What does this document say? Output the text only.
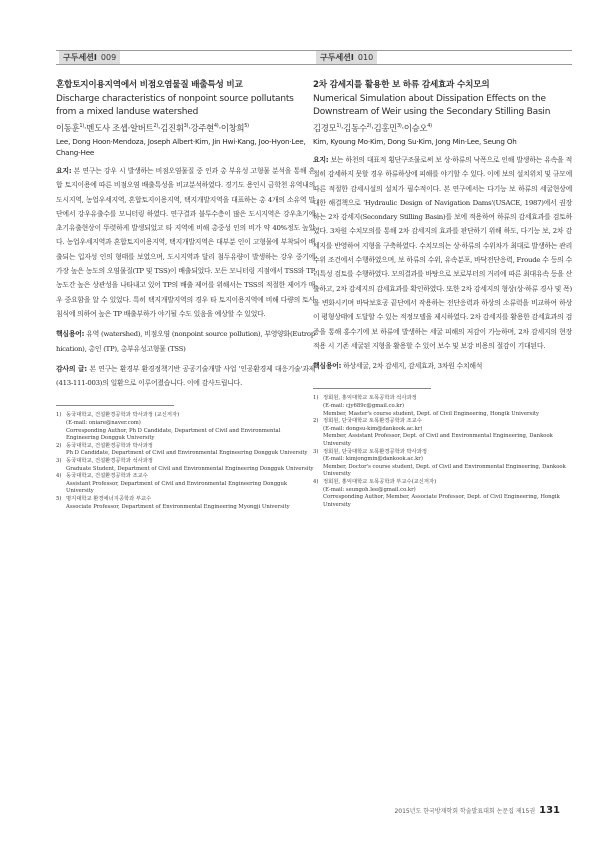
구두세션Ⅰ 009
혼합토지이용지역에서 비점오염물질 배출특성 비교
Discharge characteristics of nonpoint source pollutants from a mixed landuse watershed
이동훈$^{1)}$·멘도사 조셉·알버트$^{2)}$·김진휘$^{3)}$·강주현$^{4)}$·이창희$^{5)}$
Lee, Dong Hoon·Mendoza, Joseph Albert·Kim, Jin Hwi·Kang, Joo-Hyon·Lee, Chang-Hee
요지: 본 연구는 강우 시 발생하는 비점오염물질 중 인과 총 부유성 고형물 분석을 통해 혼합 토지이용에 따른 비점오염 배출특성을 비교분석하였다. 경기도 용인시 금학천 유역내의 도시지역, 농업우세지역, 혼합토지이용지역, 택지개발지역을 대표하는 총 4개의 소유역 말단에서 강우유출수를 모니터링 하였다. 연구결과 불투수층이 많은 도시지역은 강우초기에 초기유출현상이 뚜렷하게 발생되었고 타 지역에 비해 총중성 인의 비가 약 40%정도 높았다. 농업우세지역과 혼합토지이용지역, 택지개발지역은 대부분 인이 고형물에 부착되어 배출되는 입자성 인의 형태를 보였으며, 도시지역과 달리 첨두유량이 발생하는 강우 중기에 가장 높은 농도의 오염물질(TP 및 TSS)이 배출되었다. 모든 모니터링 지점에서 TSS와 TP 농도간 높은 상관성을 나타내고 있어 TP의 배출 제어를 위해서는 TSS의 적절한 제어가 매우 중요함을 알 수 있었다. 특히 택지개발지역의 경우 타 토지이용지역에 비해 다량의 토사침식에 의하여 높은 TP 배출부하가 야기될 수도 있음을 예상할 수 있었다.
핵심용어: 유역 (watershed), 비점오염 (nonpoint source pollution), 부영양화(Eutrophication), 총인 (TP), 총부유성고형물 (TSS)
감사의 글: 본 연구는 환경부 환경정책기반 공공기술개발 사업 '인공환경제 대응기술'과제(413-111-003)의 일환으로 이루어졌습니다. 이에 감사드립니다.
1) 동국대학교, 건설환경공학과 박사과정 (교신저자)
(E-mail: oniare@naver.com)
Corresponding Author, Ph D Candidate, Department of Civil and Environmental Engineering Dongguk University
2) 동국대학교, 건설환경공학과 박사과정
Ph D Candidate, Department of Civil and Environmental Engineering Dongguk University
3) 동국대학교, 건설환경공학과 석사과정
Graduate Student, Department of Civil and Environmental Engineering Dongguk University
4) 동국대학교, 건설환경공학과 조교수
Assistant Professor, Department of Civil and Environmental Engineering Dongguk University
5) 명지대학교 환경에너지공학과 부교수
Associate Professor, Department of Environmental Engineering Myongji University
구두세션Ⅰ 010
2차 감세지를 활용한 보 하류 감세효과 수치모의
Numerical Simulation about Dissipation Effects on the Downstream of Weir using the Secondary Stilling Basin
김경모$^{1)}$·김동수$^{2)}$·김홍민$^{3)}$·이승오$^{4)}$
Kim, Kyoung Mo·Kim, Dong Su·Kim, Jong Min·Lee, Seung Oh
요지: 보는 하천의 대표적 횡단구조물로써 보 상·하류의 낙폭으로 인해 발생하는 유속을 적절히 감세하지 못할 경우 하류하상에 피해를 야기할 수 있다. 이에 보의 설치위치 및 규모에 따른 적절한 감세시설의 설치가 필수적이다. 본 연구에서는 다기능 보 하류의 세굴현상에 대한 해결책으로 'Hydraulic Design of Navigation Dams'(USACE, 1987)에서 권장하는 2차 감세지(Secondary Stilling Basin)를 보에 적용하여 하류의 감세효과를 검토하였다. 3차원 수치모의를 통해 2차 감세지의 효과를 판단하기 위해 하도, 다기능 보, 2차 감세지를 반영하여 지형을 구축하였다. 수치모의는 상·하류의 수위차가 최대로 발생하는 관리수위 조건에서 수행하였으며, 보 하류의 수위, 유속분포, 바닥전단응력, Froude 수 등의 수리특성 검토를 수행하였다. 모의결과를 바탕으로 보로부터의 거리에 따른 최대유속 등을 산출하고, 2차 감세지의 감세효과를 확인하였다. 또한 2차 감세지의 형상(상·하류 경사 및 폭)을 변화시키며 바닥보호공 끝단에서 작용하는 전단응력과 하상의 소류력을 비교하여 하상이 평형상태에 도달할 수 있는 적정모델을 제시하였다. 2차 감세지를 활용한 감세효과의 검증을 통해 홍수기에 보 하류에 발생하는 세굴 피해의 저감이 가능하며, 2차 감세지의 현장적용 시 기존 세굴된 지형을 활용할 수 있어 보수 및 보강 비용의 절감이 기대된다.
핵심용어: 하상세굴, 2차 감세지, 감세효과, 3차원 수치해석
1) 정회원, 홍익대학교 토목공학과 석사과정
(E-mail: cjy689c@gmail.co.kr)
Member, Master's course student, Dept. of Civil Engineering, Hongik University
2) 정회원, 단국대학교 토목환경공학과 조교수
(E-mail: dongsu-kim@dankook.ac.kr)
Member, Assistant Professor, Dept. of Civil and Environmental Engineering, Dankook University
3) 정회원, 단국대학교 토목환경공학과 박사과정
(E-mail: kimjongmin@dankook.ac.kr)
Member, Doctor's course student, Dept. of Civil and Environmental Engineering, Dankook University
4) 정회원, 홍익대학교 토목공학과 부교수(교신저자)
(E-mail: seungoh.lee@gmail.co.kr)
Corresponding Author, Member, Associate Professor, Dept. of Civil Engineering, Hongik University
2015년도 한국방재학회 학술발표대회 논문집 제15권 131
